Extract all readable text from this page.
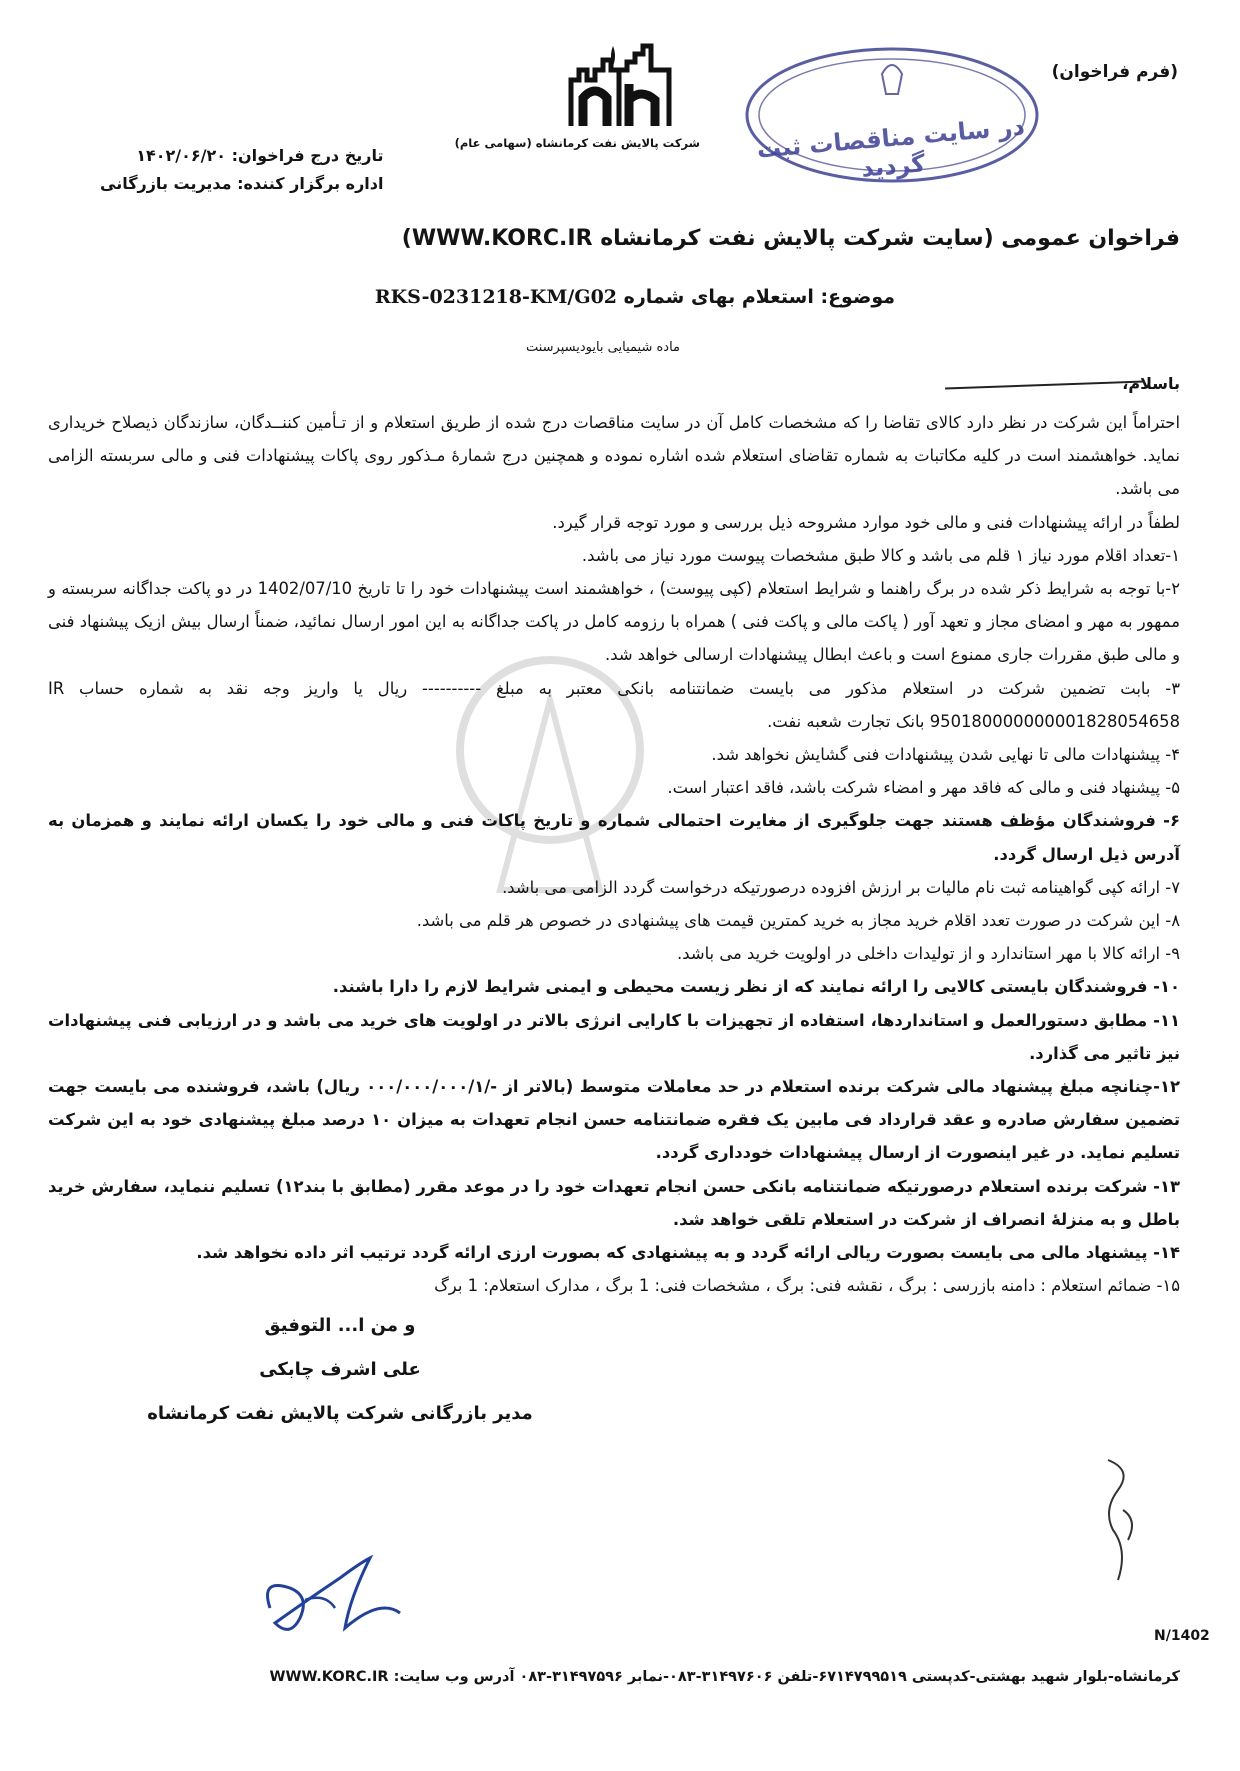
(فرم فراخوان)
شرکت پالایش نفت کرمانشاه (سهامی عام)	در سایت مناقصات ثبت گردید
تاریخ درج فراخوان: ۱۴۰۲/۰۶/۲۰
اداره برگزار کننده: مدیریت بازرگانی
فراخوان عمومی (سایت شرکت پالایش نفت کرمانشاه WWW.KORC.IR)
موضوع: استعلام بهای شماره RKS-0231218-KM/G02
ماده شیمیایی بایودیسپرسنت
باسلام،

احتراماً این شرکت در نظر دارد کالای تقاضا را که مشخصات کامل آن در سایت مناقصات درج شده از طریق استعلام و از تـأمین کننــدگان، سازندگان ذیصلاح خریداری نماید. خواهشمند است در کلیه مکاتبات به شماره تقاضای استعلام شده اشاره نموده و همچنین درج شمارهٔ مـذکور روی پاکات پیشنهادات فنی و مالی سربسته الزامی می باشد.

لطفاً در ارائه پیشنهادات فنی و مالی خود موارد مشروحه ذیل بررسی و مورد توجه قرار گیرد.

۱-تعداد اقلام مورد نیاز ۱ قلم می باشد و کالا طبق مشخصات پیوست مورد نیاز می باشد.

۲-با توجه به شرایط ذکر شده در برگ راهنما و شرایط استعلام (کپی پیوست) ، خواهشمند است پیشنهادات خود را تا تاریخ 1402/07/10 در دو پاکت جداگانه سربسته و ممهور به مهر و امضای مجاز و تعهد آور ( پاکت مالی و پاکت فنی ) همراه با رزومه کامل در پاکت جداگانه به این امور ارسال نمائید، ضمناً ارسال بیش ازیک پیشنهاد فنی و مالی طبق مقررات جاری ممنوع است و باعث ابطال پیشنهادات ارسالی خواهد شد.

۳- بابت تضمین شرکت در استعلام مذکور می بایست ضمانتنامه بانکی معتبر به مبلغ ---------- ریال یا واریز وجه نقد به شماره حساب IR 950180000000001828054658 بانک تجارت شعبه نفت.

۴- پیشنهادات مالی تا نهایی شدن پیشنهادات فنی گشایش نخواهد شد.

۵- پیشنهاد فنی و مالی که فاقد مهر و امضاء شرکت باشد، فاقد اعتبار است.

۶- فروشندگان مؤظف هستند جهت جلوگیری از مغایرت احتمالی شماره و تاریخ پاکات فنی و مالی خود را یکسان ارائه نمایند و همزمان به آدرس ذیل ارسال گردد.

۷- ارائه کپی گواهینامه ثبت نام مالیات بر ارزش افزوده درصورتیکه درخواست گردد الزامی می باشد.

۸- این شرکت در صورت تعدد اقلام خرید مجاز به خرید کمترین قیمت های پیشنهادی در خصوص هر قلم می باشد.

۹- ارائه کالا با مهر استاندارد و از تولیدات داخلی در اولویت خرید می باشد.

۱۰- فروشندگان بایستی کالایی را ارائه نمایند که از نظر زیست محیطی و ایمنی شرایط لازم را دارا باشند.

۱۱- مطابق دستورالعمل و استانداردها، استفاده از تجهیزات با کارایی انرژی بالاتر در اولویت های خرید می باشد و در ارزیابی فنی پیشنهادات نیز تاثیر می گذارد.

۱۲-چنانچه مبلغ پیشنهاد مالی شرکت برنده استعلام در حد معاملات متوسط (بالاتر از -/۰۰۰/۰۰۰/۰۰۰/۱ ریال) باشد، فروشنده می بایست جهت تضمین سفارش صادره و عقد قرارداد فی مابین یک فقره ضمانتنامه حسن انجام تعهدات به میزان ۱۰ درصد مبلغ پیشنهادی خود به این شرکت تسلیم نماید. در غیر اینصورت از ارسال پیشنهادات خودداری گردد.

۱۳- شرکت برنده استعلام درصورتیکه ضمانتنامه بانکی حسن انجام تعهدات خود را در موعد مقرر (مطابق با بند۱۲) تسلیم ننماید، سفارش خرید باطل و به منزلهٔ انصراف از شرکت در استعلام تلقی خواهد شد.

۱۴- پیشنهاد مالی می بایست بصورت ریالی ارائه گردد و به پیشنهادی که بصورت ارزی ارائه گردد ترتیب اثر داده نخواهد شد.

۱۵- ضمائم استعلام : دامنه بازرسی : برگ ، نقشه فنی: برگ ، مشخصات فنی: 1 برگ ، مدارک استعلام: 1 برگ

و من ا... التوفیق
علی اشرف چابکی
مدیر بازرگانی شرکت پالایش نفت کرمانشاه
N/1402
کرمانشاه-بلوار شهید بهشتی-کدپستی ۶۷۱۴۷۹۹۵۱۹-تلفن ۳۱۴۹۷۶۰۶-۰۸۳-نمابر ۳۱۴۹۷۵۹۶-۰۸۳ آدرس وب سایت: WWW.KORC.IR
